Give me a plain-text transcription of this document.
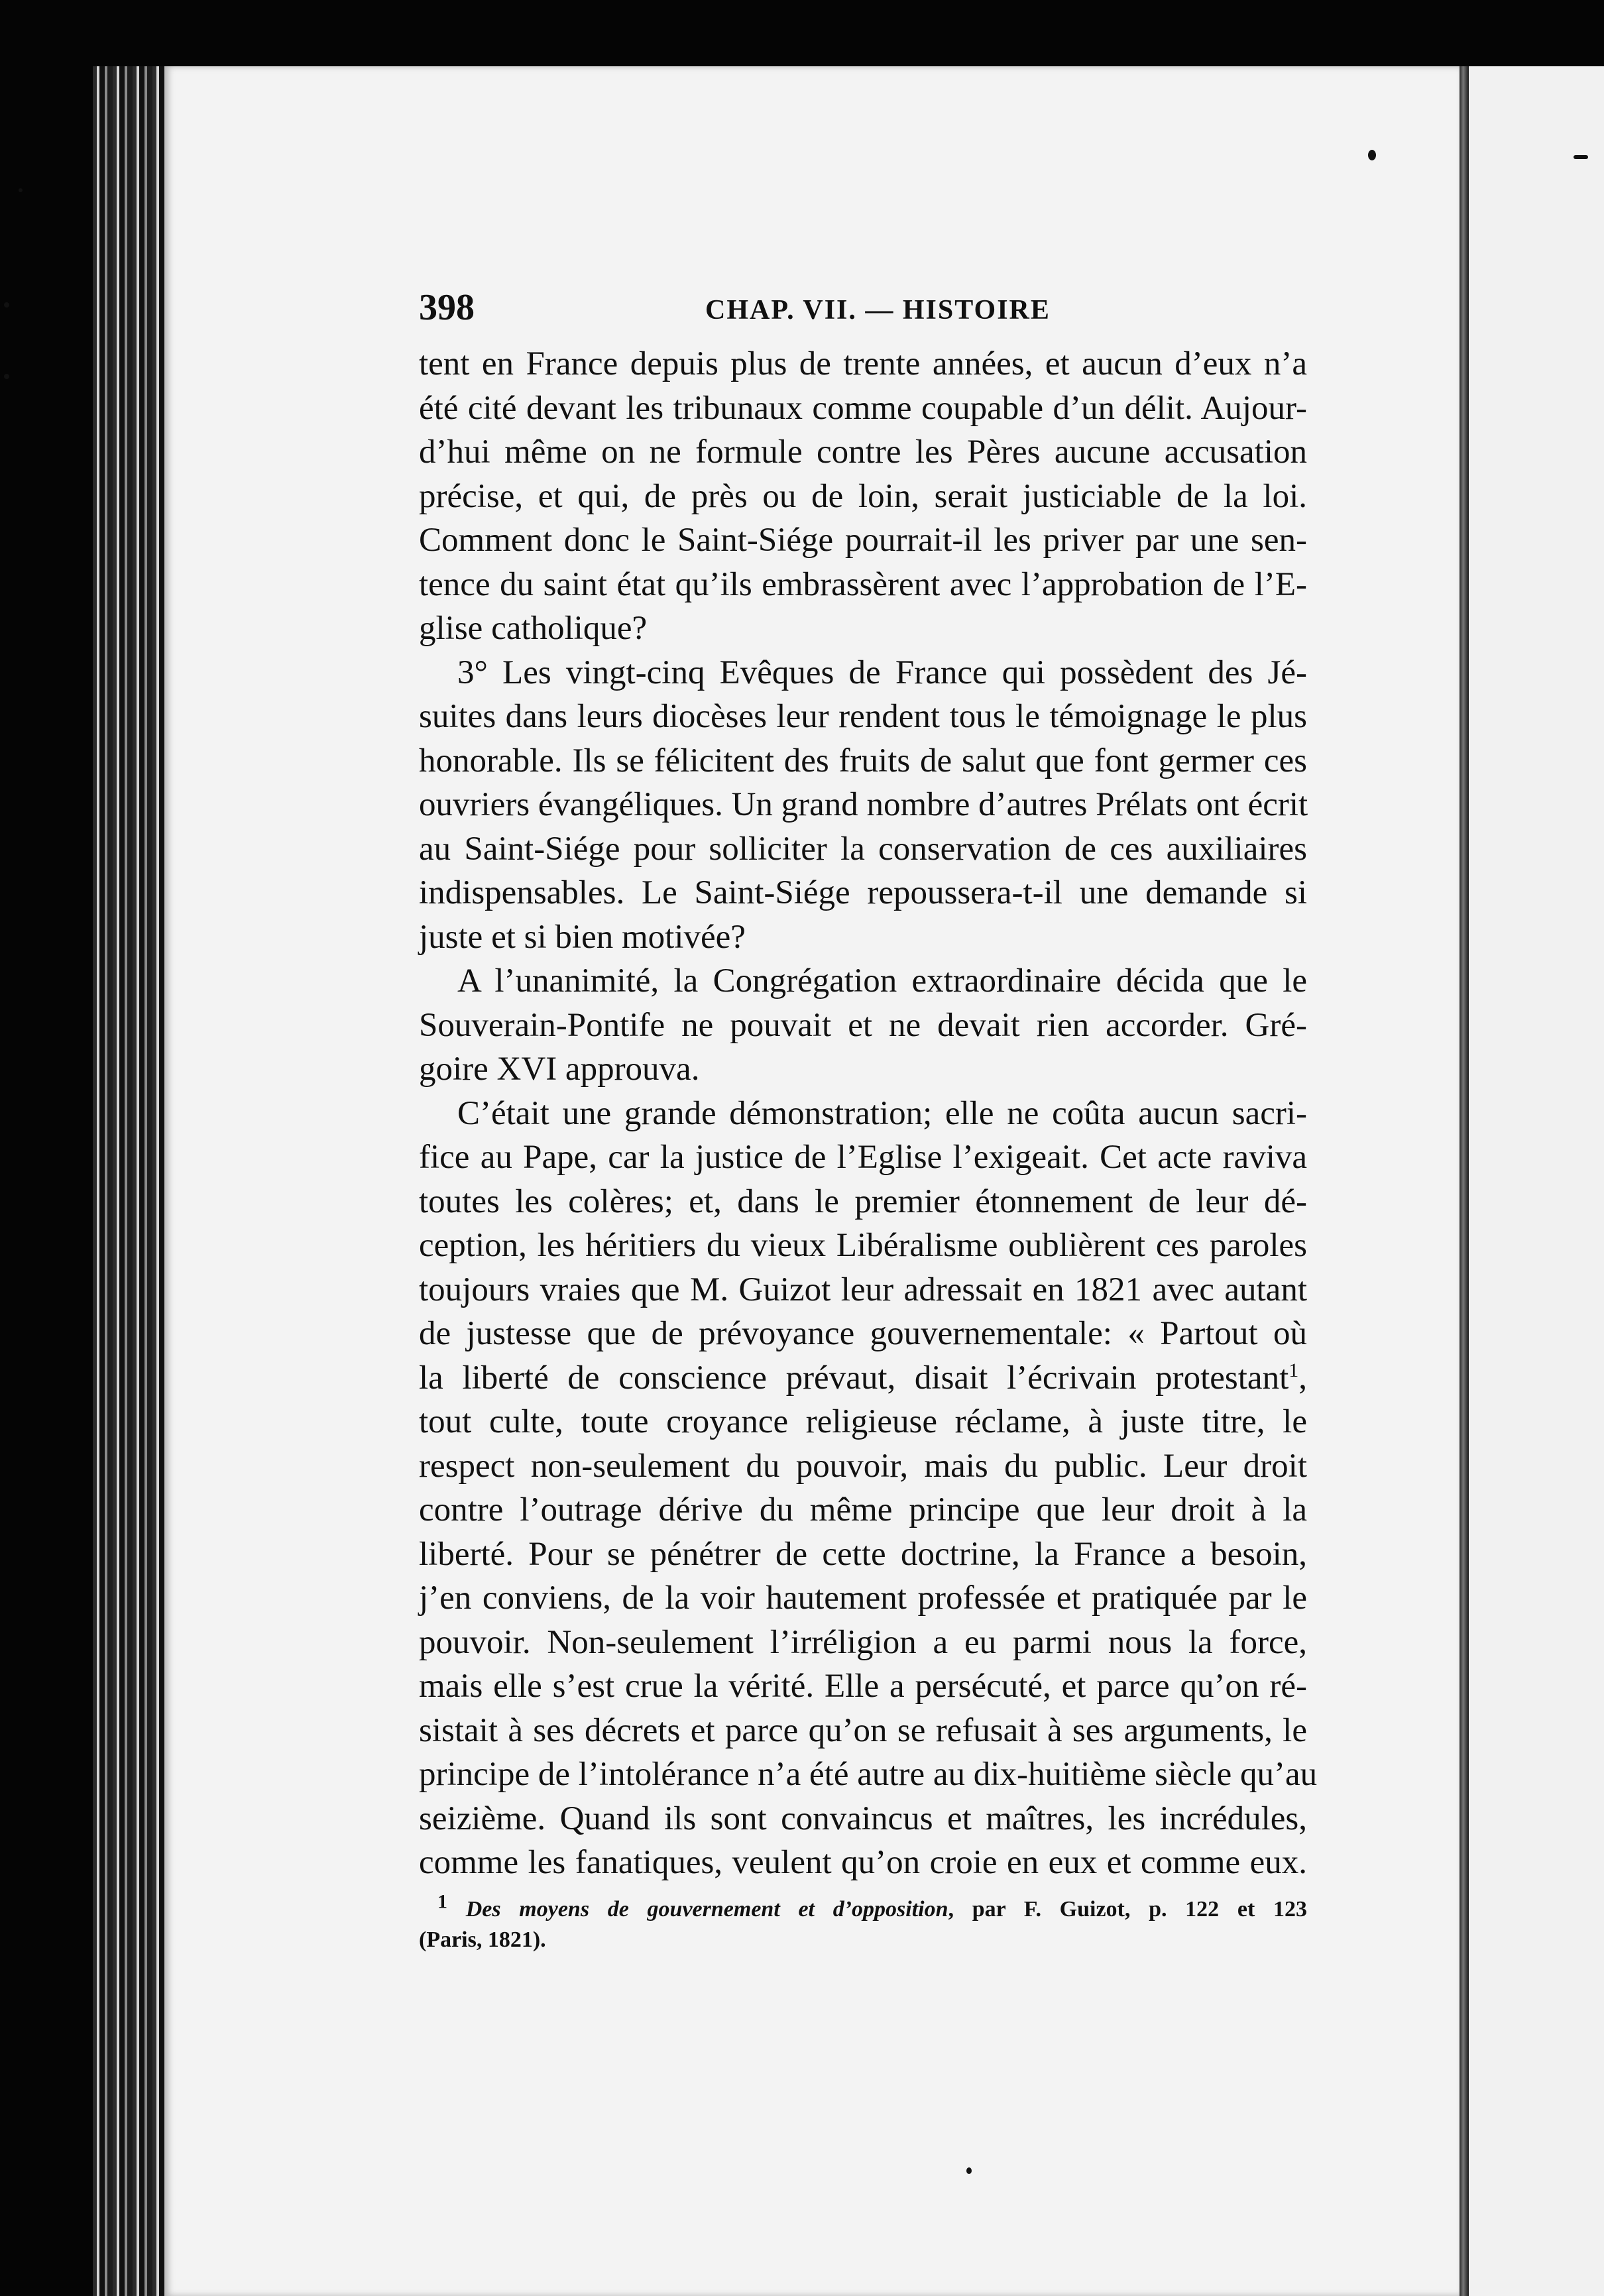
398	CHAP. VII. — HISTOIRE
tent en France depuis plus de trente années, et aucun d’eux n’a
été cité devant les tribunaux comme coupable d’un délit. Aujour-
d’hui même on ne formule contre les Pères aucune accusation
précise, et qui, de près ou de loin, serait justiciable de la loi.
Comment donc le Saint-Siége pourrait-il les priver par une sen-
tence du saint état qu’ils embrassèrent avec l’approbation de l’E-
glise catholique?
3° Les vingt-cinq Evêques de France qui possèdent des Jé-
suites dans leurs diocèses leur rendent tous le témoignage le plus
honorable. Ils se félicitent des fruits de salut que font germer ces
ouvriers évangéliques. Un grand nombre d’autres Prélats ont écrit
au Saint-Siége pour solliciter la conservation de ces auxiliaires
indispensables. Le Saint-Siége repoussera-t-il une demande si
juste et si bien motivée?
A l’unanimité, la Congrégation extraordinaire décida que le
Souverain-Pontife ne pouvait et ne devait rien accorder. Gré-
goire XVI approuva.
C’était une grande démonstration; elle ne coûta aucun sacri-
fice au Pape, car la justice de l’Eglise l’exigeait. Cet acte raviva
toutes les colères; et, dans le premier étonnement de leur dé-
ception, les héritiers du vieux Libéralisme oublièrent ces paroles
toujours vraies que M. Guizot leur adressait en 1821 avec autant
de justesse que de prévoyance gouvernementale: « Partout où
la liberté de conscience prévaut, disait l’écrivain protestant$^1$,
tout culte, toute croyance religieuse réclame, à juste titre, le
respect non-seulement du pouvoir, mais du public. Leur droit
contre l’outrage dérive du même principe que leur droit à la
liberté. Pour se pénétrer de cette doctrine, la France a besoin,
j’en conviens, de la voir hautement professée et pratiquée par le
pouvoir. Non-seulement l’irréligion a eu parmi nous la force,
mais elle s’est crue la vérité. Elle a persécuté, et parce qu’on ré-
sistait à ses décrets et parce qu’on se refusait à ses arguments, le
principe de l’intolérance n’a été autre au dix-huitième siècle qu’au
seizième. Quand ils sont convaincus et maîtres, les incrédules,
comme les fanatiques, veulent qu’on croie en eux et comme eux.
$^1$ Des moyens de gouvernement et d’opposition, par F. Guizot, p. 122 et 123
(Paris, 1821).
